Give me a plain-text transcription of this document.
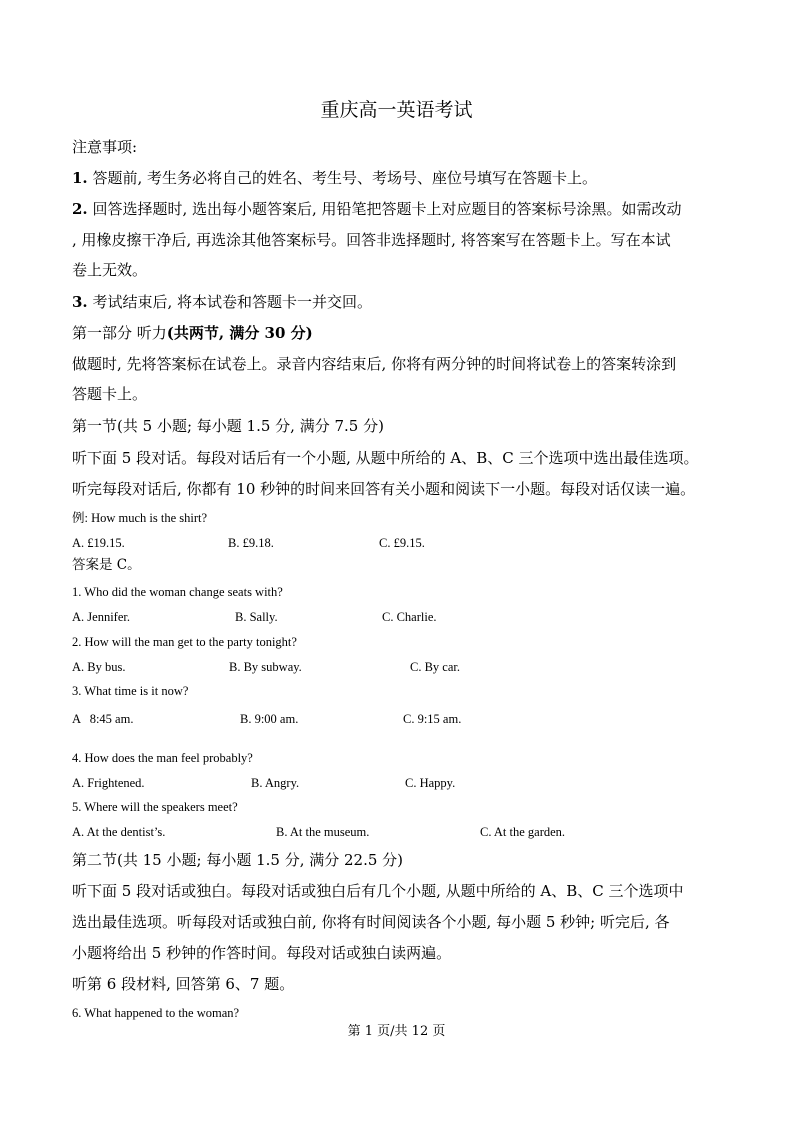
重庆高一英语考试
注意事项:
1. 答题前, 考生务必将自己的姓名、考生号、考场号、座位号填写在答题卡上。
2. 回答选择题时, 选出每小题答案后, 用铅笔把答题卡上对应题目的答案标号涂黑。如需改动
, 用橡皮擦干净后, 再选涂其他答案标号。回答非选择题时, 将答案写在答题卡上。写在本试
卷上无效。
3. 考试结束后, 将本试卷和答题卡一并交回。
第一部分 听力(共两节, 满分 30 分)
做题时, 先将答案标在试卷上。录音内容结束后, 你将有两分钟的时间将试卷上的答案转涂到
答题卡上。
第一节(共 5 小题; 每小题 1.5 分, 满分 7.5 分)
听下面 5 段对话。每段对话后有一个小题, 从题中所给的 A、B、C 三个选项中选出最佳选项。
听完每段对话后, 你都有 10 秒钟的时间来回答有关小题和阅读下一小题。每段对话仅读一遍。
例: How much is the shirt?
A. £19.15.	B. £9.18.	C. £9.15.
答案是 C。
1. Who did the woman change seats with?
A. Jennifer.	B. Sally.	C. Charlie.
2. How will the man get to the party tonight?
A. By bus.	B. By subway.	C. By car.
3. What time is it now?
A   8:45 am.	B. 9:00 am.	C. 9:15 am.
4. How does the man feel probably?
A. Frightened.	B. Angry.	C. Happy.
5. Where will the speakers meet?
A. At the dentist’s.	B. At the museum.	C. At the garden.
第二节(共 15 小题; 每小题 1.5 分, 满分 22.5 分)
听下面 5 段对话或独白。每段对话或独白后有几个小题, 从题中所给的 A、B、C 三个选项中
选出最佳选项。听每段对话或独白前, 你将有时间阅读各个小题, 每小题 5 秒钟; 听完后, 各
小题将给出 5 秒钟的作答时间。每段对话或独白读两遍。
听第 6 段材料, 回答第 6、7 题。
6. What happened to the woman?
第 1 页/共 12 页
